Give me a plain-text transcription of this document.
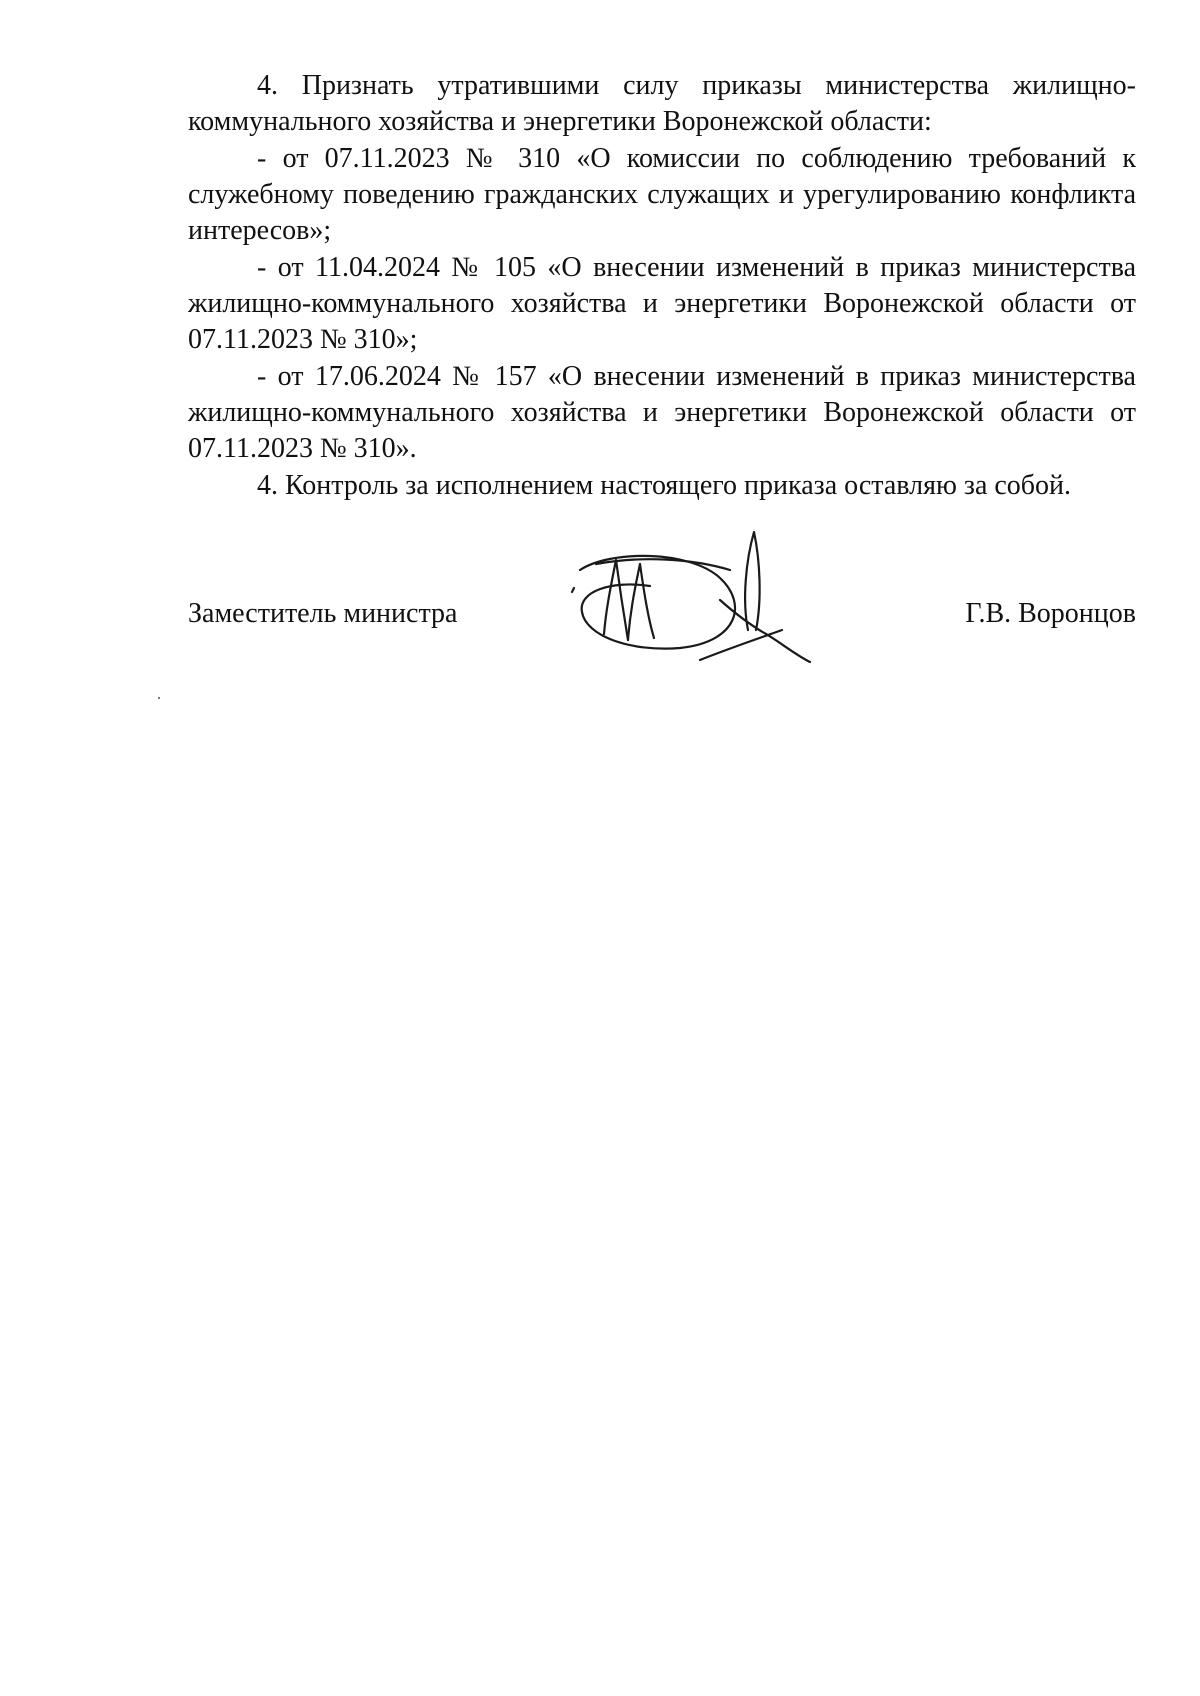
4. Признать утратившими силу приказы министерства жилищно-коммунального хозяйства и энергетики Воронежской области:

- от 07.11.2023 № 310 «О комиссии по соблюдению требований к служебному поведению гражданских служащих и урегулированию конфликта интересов»;

- от 11.04.2024 № 105 «О внесении изменений в приказ министерства жилищно-коммунального хозяйства и энергетики Воронежской области от 07.11.2023 № 310»;

- от 17.06.2024 № 157 «О внесении изменений в приказ министерства жилищно-коммунального хозяйства и энергетики Воронежской области от 07.11.2023 № 310».

4. Контроль за исполнением настоящего приказа оставляю за собой.

Заместитель министра	Г.В. Воронцов
